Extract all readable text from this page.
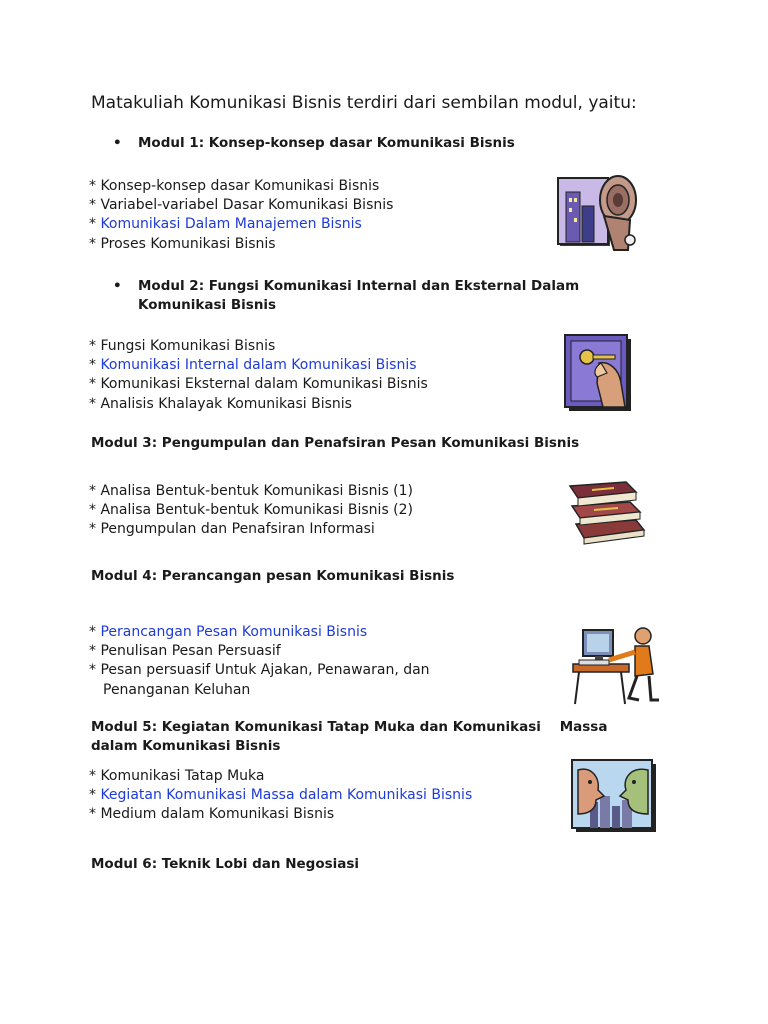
Matakuliah Komunikasi Bisnis terdiri dari sembilan modul, yaitu:
• Modul 1: Konsep-konsep dasar Komunikasi Bisnis
* Konsep-konsep dasar Komunikasi Bisnis
* Variabel-variabel Dasar Komunikasi Bisnis
* Komunikasi Dalam Manajemen Bisnis
* Proses Komunikasi Bisnis
• Modul 2: Fungsi Komunikasi Internal dan Eksternal Dalam Komunikasi Bisnis
* Fungsi Komunikasi Bisnis
* Komunikasi Internal dalam Komunikasi Bisnis
* Komunikasi Eksternal dalam Komunikasi Bisnis
* Analisis Khalayak Komunikasi Bisnis
Modul 3: Pengumpulan dan Penafsiran Pesan Komunikasi Bisnis
* Analisa Bentuk-bentuk Komunikasi Bisnis (1)
* Analisa Bentuk-bentuk Komunikasi Bisnis (2)
* Pengumpulan dan Penafsiran Informasi
Modul 4: Perancangan pesan Komunikasi Bisnis
* Perancangan Pesan Komunikasi Bisnis
* Penulisan Pesan Persuasif
* Pesan persuasif Untuk Ajakan, Penawaran, dan
Penanganan Keluhan
Modul 5: Kegiatan Komunikasi Tatap Muka dan Komunikasi    Massa dalam Komunikasi Bisnis
* Komunikasi Tatap Muka
* Kegiatan Komunikasi Massa dalam Komunikasi Bisnis
* Medium dalam Komunikasi Bisnis
Modul 6: Teknik Lobi dan Negosiasi
